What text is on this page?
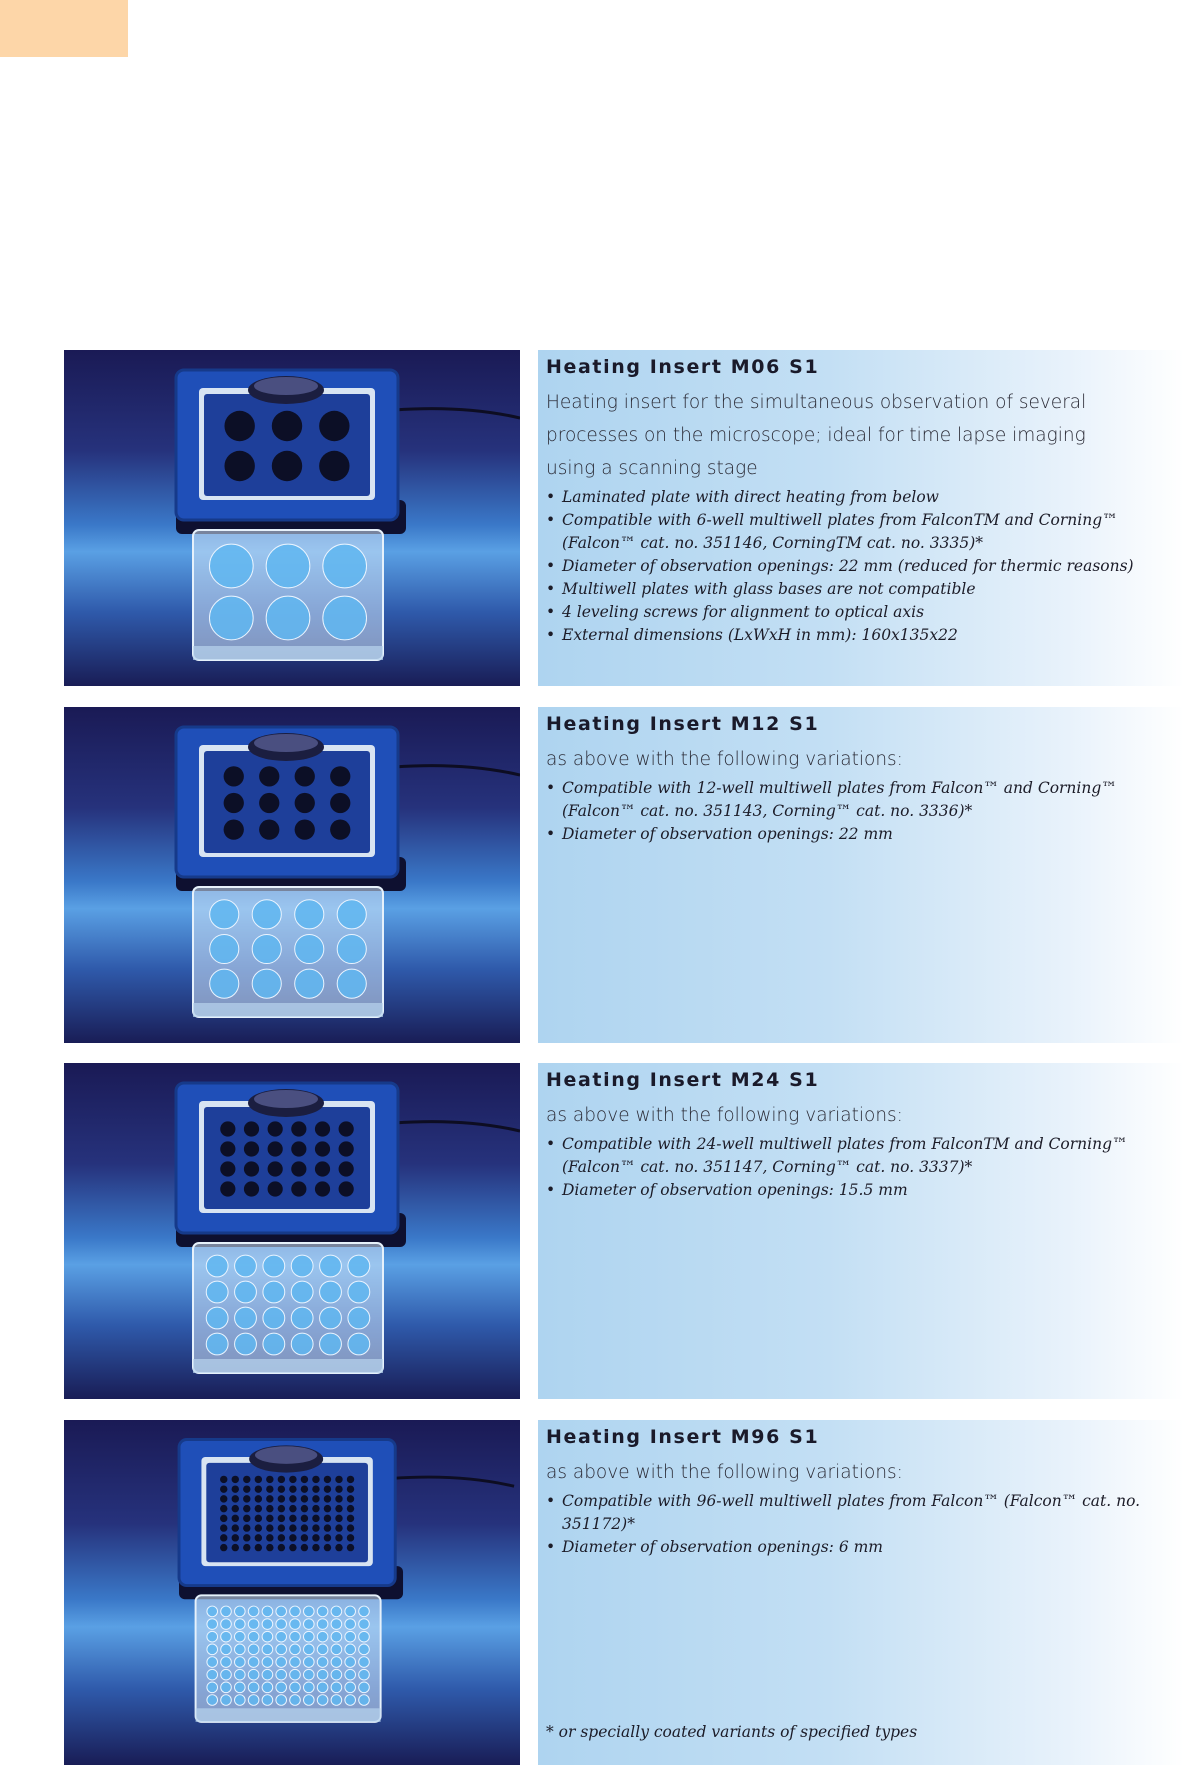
Heating Insert M06 S1

Heating insert for the simultaneous observation of several processes on the microscope; ideal for time lapse imaging using a scanning stage

• Laminated plate with direct heating from below
• Compatible with 6-well multiwell plates from FalconTM and Corning™ (Falcon™ cat. no. 351146, CorningTM cat. no. 3335)*
• Diameter of observation openings: 22 mm (reduced for thermic reasons)
• Multiwell plates with glass bases are not compatible
• 4 leveling screws for alignment to optical axis
• External dimensions (LxWxH in mm): 160x135x22
Heating Insert M12 S1

as above with the following variations:

• Compatible with 12-well multiwell plates from Falcon™ and Corning™ (Falcon™ cat. no. 351143, Corning™ cat. no. 3336)*
• Diameter of observation openings: 22 mm
Heating Insert M24 S1

as above with the following variations:

• Compatible with 24-well multiwell plates from FalconTM and Corning™ (Falcon™ cat. no. 351147, Corning™ cat. no. 3337)*
• Diameter of observation openings: 15.5 mm
Heating Insert M96 S1

as above with the following variations:

• Compatible with 96-well multiwell plates from Falcon™ (Falcon™ cat. no. 351172)*
• Diameter of observation openings: 6 mm

* or specially coated variants of specified types
